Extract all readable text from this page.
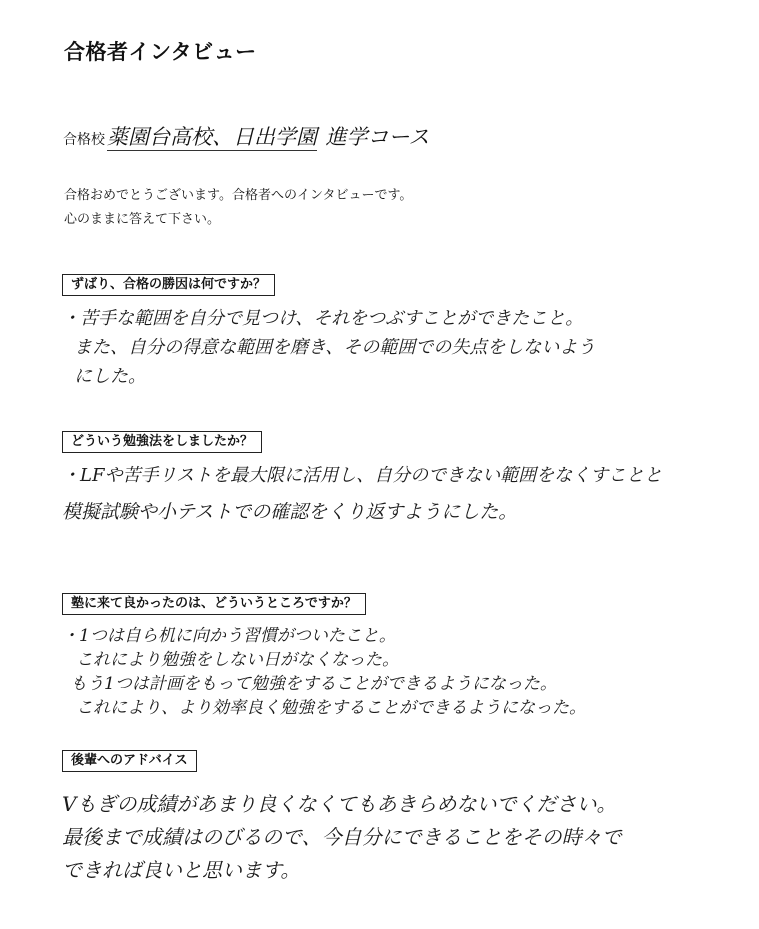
合格者インタビュー
合格校薬園台高校、日出学園 進学コース
合格おめでとうございます。合格者へのインタビューです。
心のままに答えて下さい。
ずばり、合格の勝因は何ですか？
・苦手な範囲を自分で見つけ、それをつぶすことができたこと。
また、自分の得意な範囲を磨き、その範囲での失点をしないよう
にした。
どういう勉強法をしましたか？
・LFや苦手リストを最大限に活用し、自分のできない範囲をなくすことと
模擬試験や小テストでの確認をくり返すようにした。
塾に来て良かったのは、どういうところですか？
・1つは自ら机に向かう習慣がついたこと。
これにより勉強をしない日がなくなった。
もう1つは計画をもって勉強をすることができるようになった。
これにより、より効率良く勉強をすることができるようになった。
後輩へのアドバイス
Vもぎの成績があまり良くなくてもあきらめないでください。
最後まで成績はのびるので、今自分にできることをその時々で
できれば良いと思います。
